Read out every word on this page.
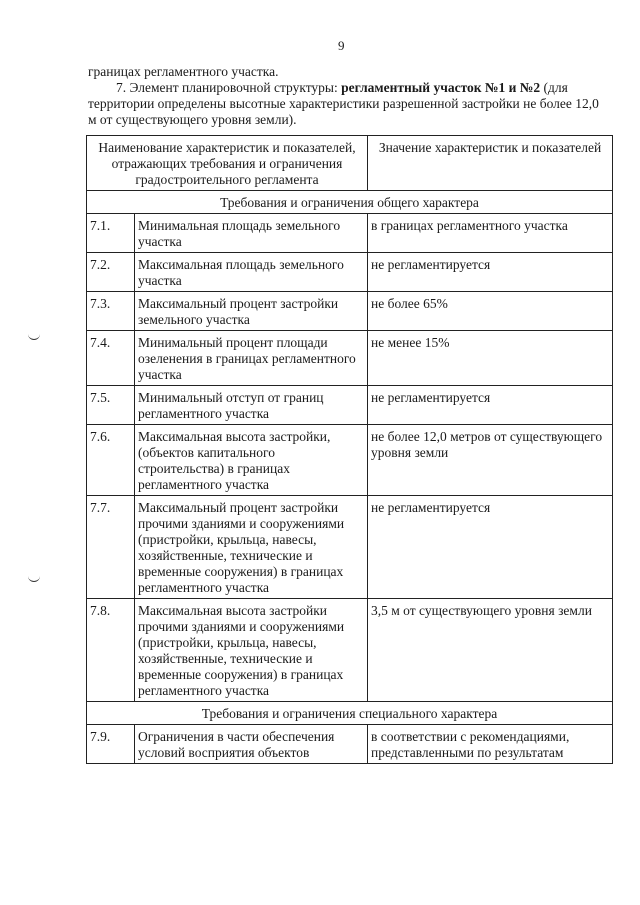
9

границах регламентного участка.

7. Элемент планировочной структуры: регламентный участок №1 и №2 (для территории определены высотные характеристики разрешенной застройки не более 12,0 м от существующего уровня земли).

Наименование характеристик и показателей, отражающих требования и ограничения градостроительного регламента		Значение характеристик и показателей
Требования и ограничения общего характера		
7.1.	Минимальная площадь земельного участка	в границах регламентного участка
7.2.	Максимальная площадь земельного участка	не регламентируется
7.3.	Максимальный процент застройки земельного участка	не более 65%
7.4.	Минимальный процент площади озеленения в границах регламентного участка	не менее 15%
7.5.	Минимальный отступ от границ регламентного участка	не регламентируется
7.6.	Максимальная высота застройки, (объектов капитального строительства) в границах регламентного участка	не более 12,0 метров от существующего уровня земли
7.7.	Максимальный процент застройки прочими зданиями и сооружениями (пристройки, крыльца, навесы, хозяйственные, технические и временные сооружения) в границах регламентного участка	не регламентируется
7.8.	Максимальная высота застройки прочими зданиями и сооружениями (пристройки, крыльца, навесы, хозяйственные, технические и временные сооружения) в границах регламентного участка	3,5 м от существующего уровня земли
Требования и ограничения специального характера		
7.9.	Ограничения в части обеспечения условий восприятия объектов	в соответствии с рекомендациями, представленными по результатам
